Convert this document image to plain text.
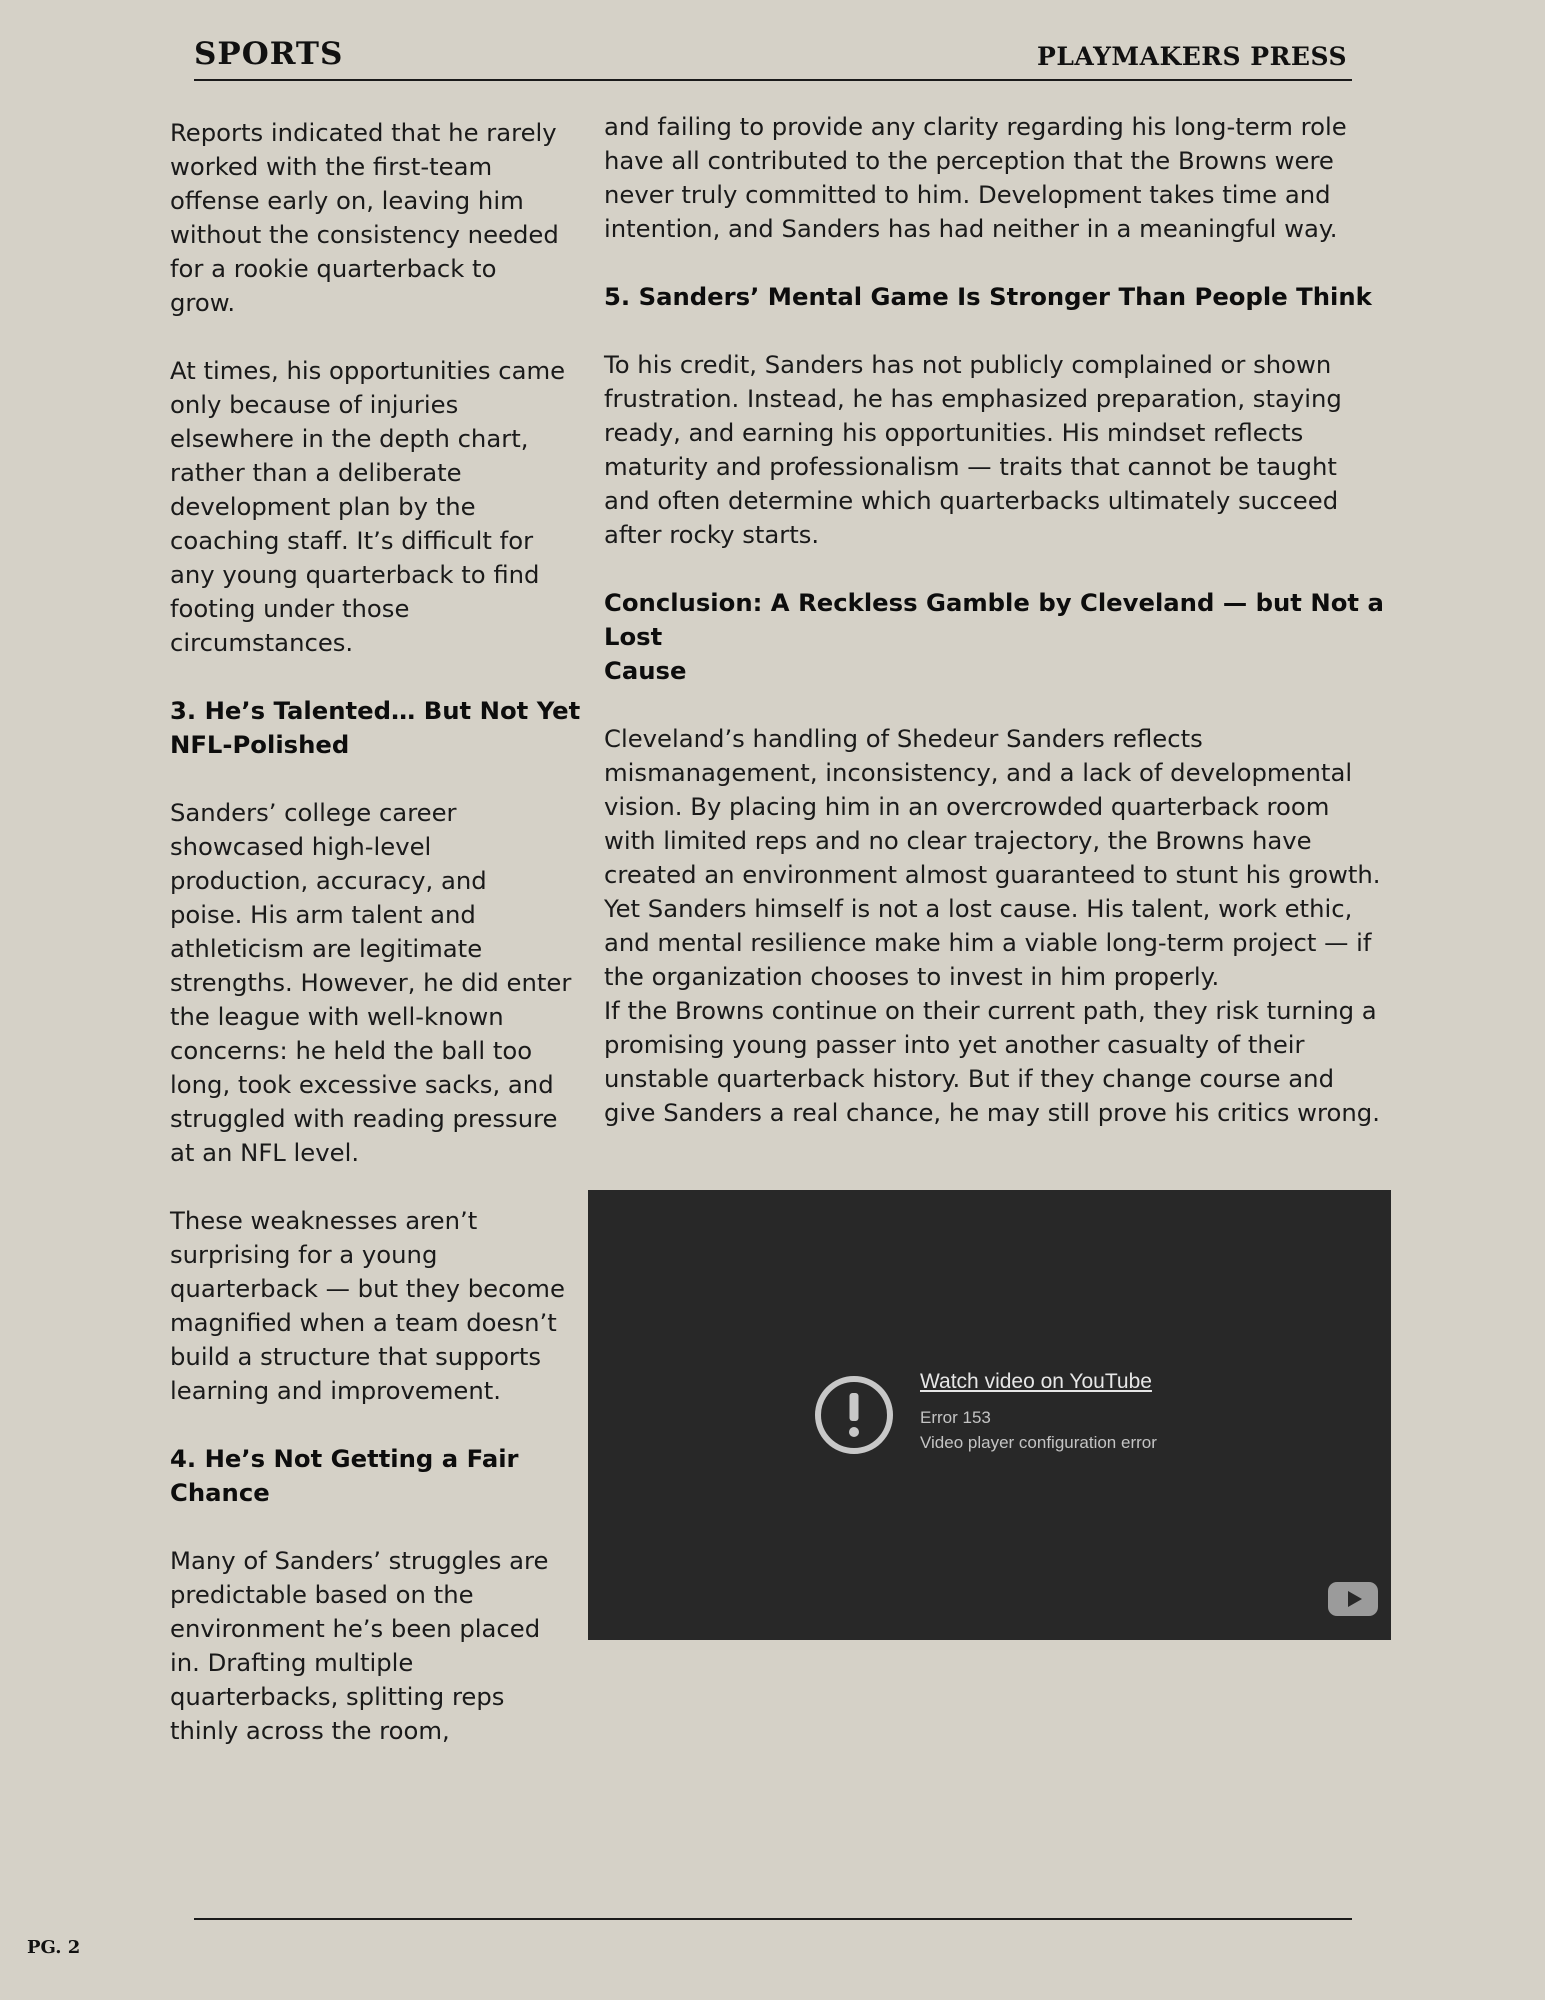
SPORTS	PLAYMAKERS PRESS

Reports indicated that he rarely
worked with the first-team
offense early on, leaving him
without the consistency needed
for a rookie quarterback to
grow.

At times, his opportunities came
only because of injuries
elsewhere in the depth chart,
rather than a deliberate
development plan by the
coaching staff. It’s difficult for
any young quarterback to find
footing under those
circumstances.

3. He’s Talented… But Not Yet
NFL-Polished

Sanders’ college career
showcased high-level
production, accuracy, and
poise. His arm talent and
athleticism are legitimate
strengths. However, he did enter
the league with well-known
concerns: he held the ball too
long, took excessive sacks, and
struggled with reading pressure
at an NFL level.

These weaknesses aren’t
surprising for a young
quarterback — but they become
magnified when a team doesn’t
build a structure that supports
learning and improvement.

4. He’s Not Getting a Fair
Chance

Many of Sanders’ struggles are
predictable based on the
environment he’s been placed
in. Drafting multiple
quarterbacks, splitting reps
thinly across the room,

and failing to provide any clarity regarding his long-term role
have all contributed to the perception that the Browns were
never truly committed to him. Development takes time and
intention, and Sanders has had neither in a meaningful way.

5. Sanders’ Mental Game Is Stronger Than People Think

To his credit, Sanders has not publicly complained or shown
frustration. Instead, he has emphasized preparation, staying
ready, and earning his opportunities. His mindset reflects
maturity and professionalism — traits that cannot be taught
and often determine which quarterbacks ultimately succeed
after rocky starts.

Conclusion: A Reckless Gamble by Cleveland — but Not a Lost
Cause

Cleveland’s handling of Shedeur Sanders reflects
mismanagement, inconsistency, and a lack of developmental
vision. By placing him in an overcrowded quarterback room
with limited reps and no clear trajectory, the Browns have
created an environment almost guaranteed to stunt his growth.
Yet Sanders himself is not a lost cause. His talent, work ethic,
and mental resilience make him a viable long-term project — if
the organization chooses to invest in him properly.

If the Browns continue on their current path, they risk turning a
promising young passer into yet another casualty of their
unstable quarterback history. But if they change course and
give Sanders a real chance, he may still prove his critics wrong.

Watch video on YouTube
Error 153
Video player configuration error
PG. 2
